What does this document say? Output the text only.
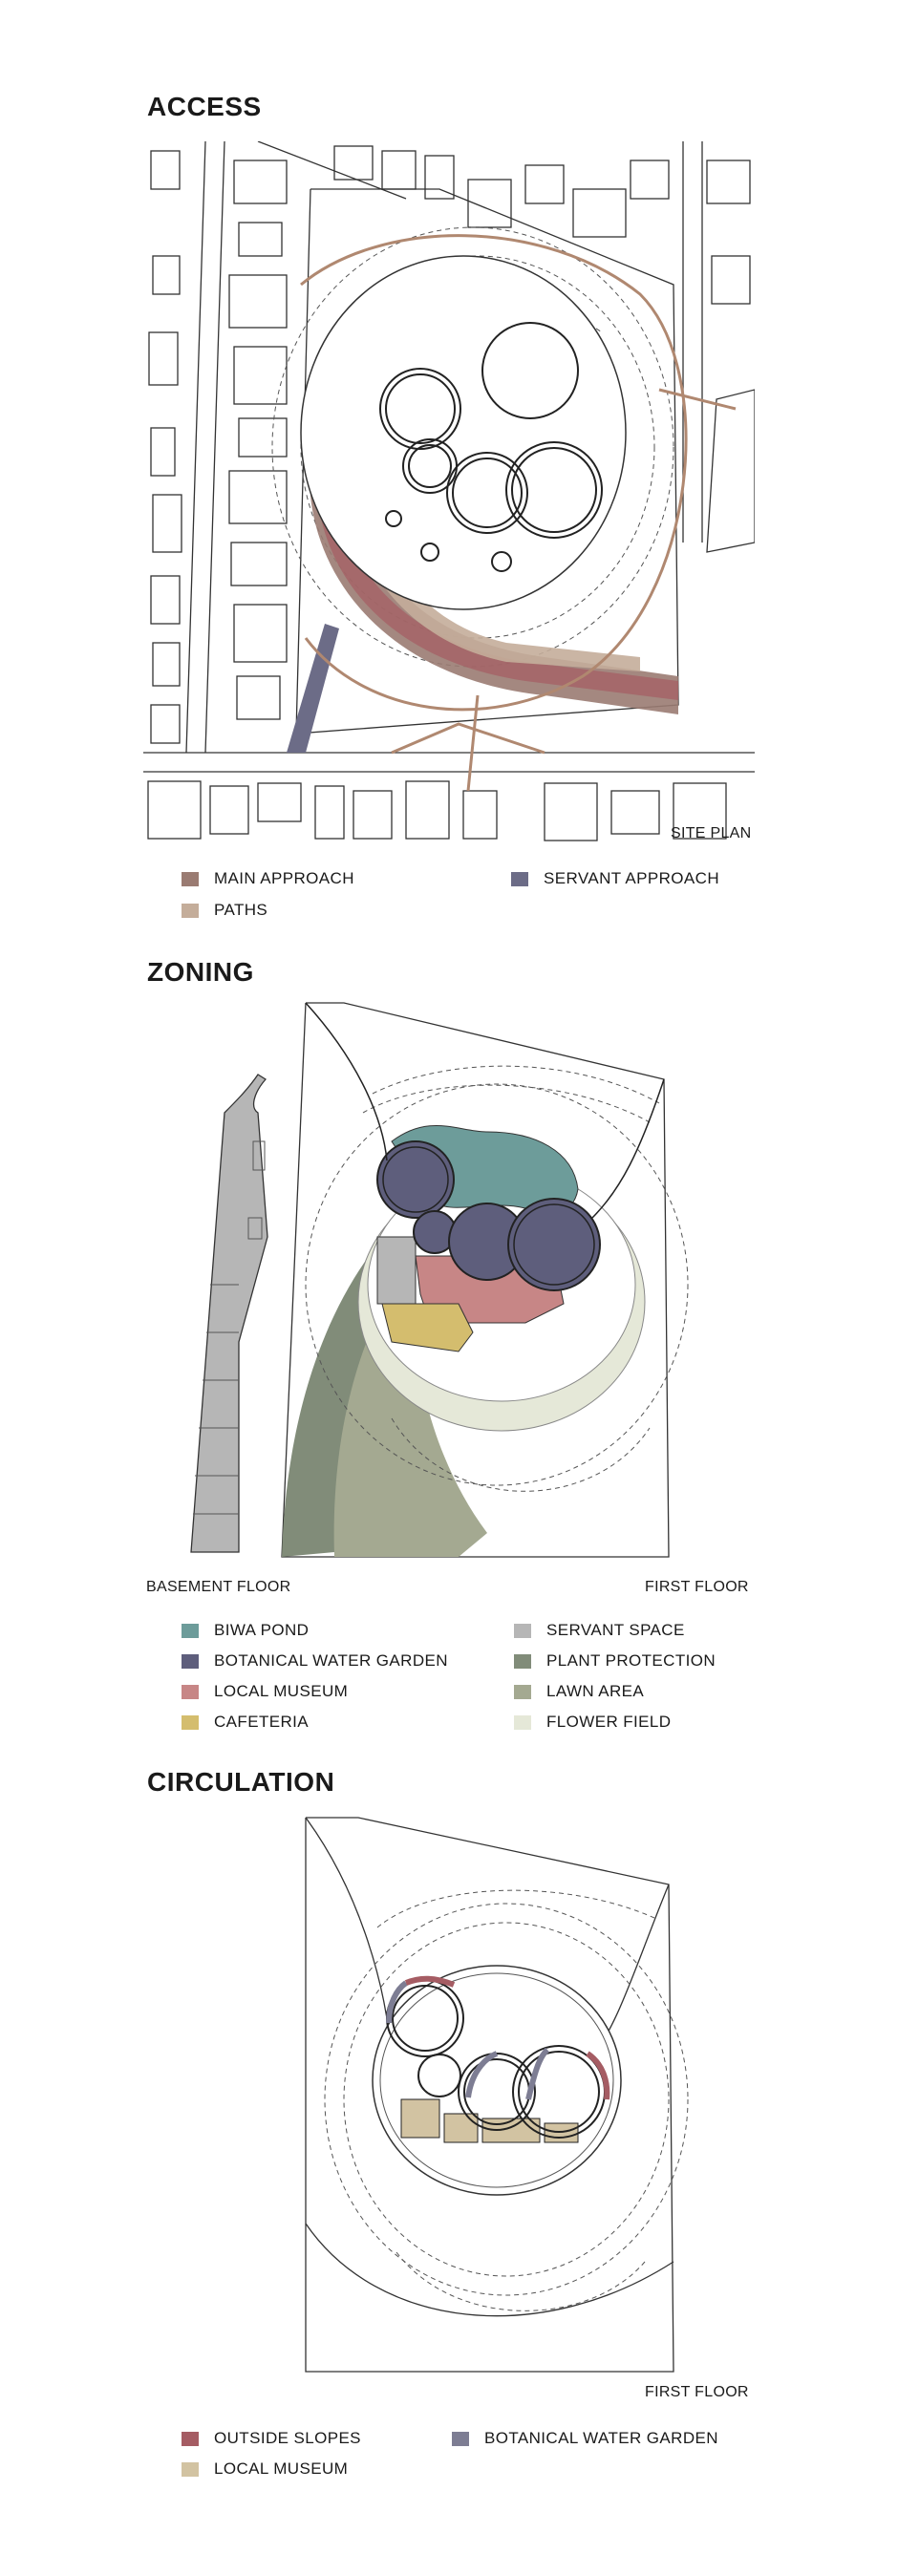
ACCESS
SITE PLAN
MAIN APPROACH	SERVANT APPROACH
PATHS
ZONING
BASEMENT FLOOR	FIRST FLOOR
BIWA POND	SERVANT SPACE
BOTANICAL WATER GARDEN	PLANT PROTECTION
LOCAL MUSEUM	LAWN AREA
CAFETERIA	FLOWER FIELD
CIRCULATION
FIRST FLOOR
OUTSIDE SLOPES	BOTANICAL WATER GARDEN
LOCAL MUSEUM
